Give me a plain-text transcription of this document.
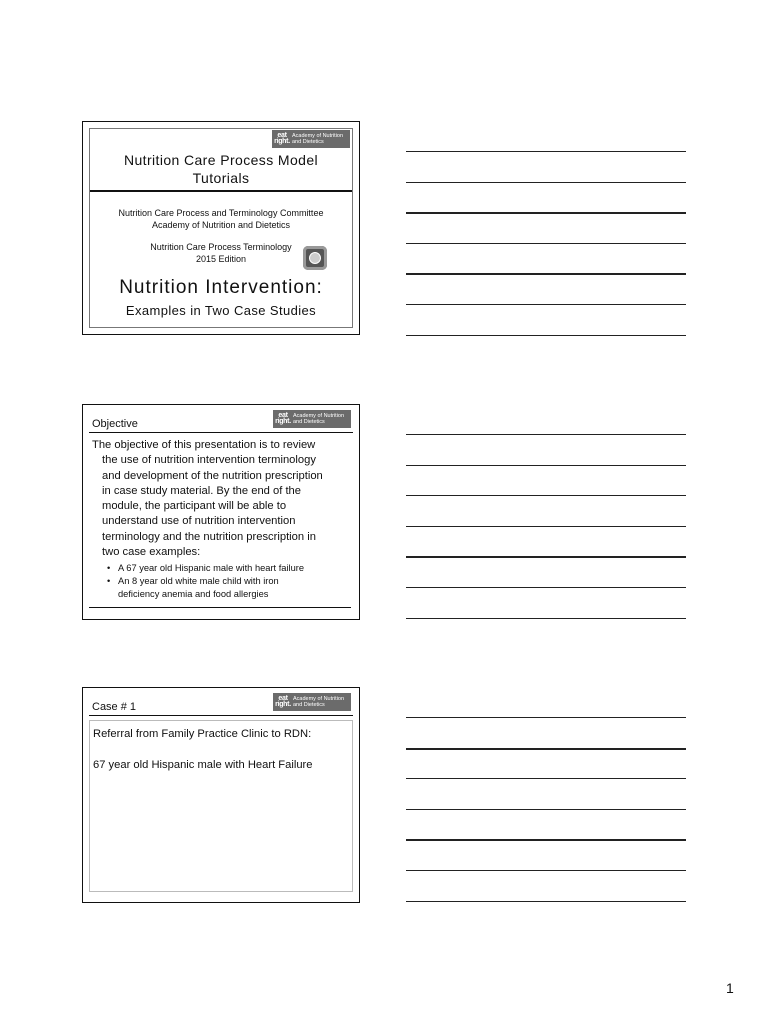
eat right.
Academy of Nutrition and Dietetics
Nutrition Care Process Model
Tutorials
Nutrition Care Process and Terminology Committee
Academy of Nutrition and Dietetics
Nutrition Care Process Terminology
2015 Edition
Nutrition Intervention:
Examples in Two Case Studies
Objective
eat right.
Academy of Nutrition and Dietetics
The objective of this presentation is to review
the use of nutrition intervention terminology
and development of the nutrition prescription
in case study material. By the end of the
module, the participant will be able to
understand use of nutrition intervention
terminology and the nutrition prescription in
two case examples:
• A 67 year old Hispanic male with heart failure
• An 8 year old white male child with iron
deficiency anemia and food allergies
Case # 1
eat right.
Academy of Nutrition and Dietetics
Referral from Family Practice Clinic to RDN:
67 year old Hispanic male with Heart Failure
1
